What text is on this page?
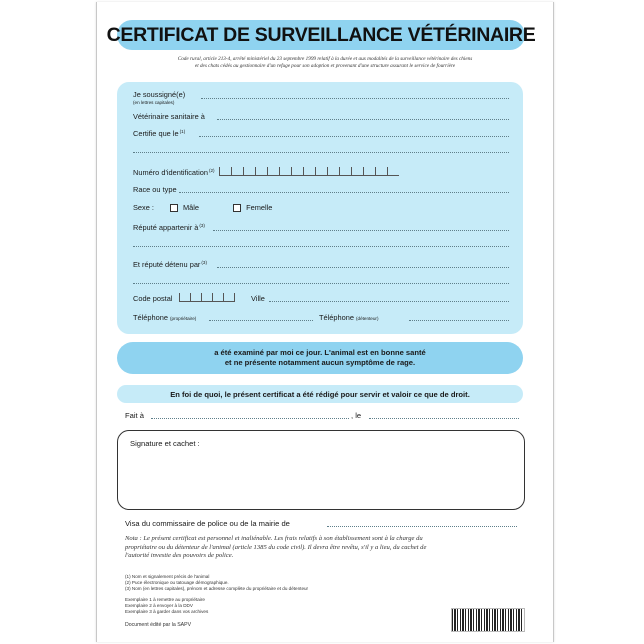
CERTIFICAT DE SURVEILLANCE VÉTÉRINAIRE
Code rural, article 213-4, arrêté ministériel du 23 septembre 1999 relatif à la durée et aux modalités de la surveillance vétérinaire des chiens
et des chats cédés au gestionnaire d'un refuge pour son adoption et provenant d'une structure assurant le service de fourrière
Je soussigné(e)
(en lettres capitales)
Vétérinaire sanitaire à
Certifie que $le^{(1)}$
Numéro d'identification$^{(2)}$
Race ou type
Sexe :	Mâle	Femelle
Réputé appartenir $à^{(3)}$
Et réputé détenu par$^{(3)}$
Code postal	Ville
Téléphone (propriétaire)	Téléphone (détenteur)
a été examiné par moi ce jour. L'animal est en bonne santé
et ne présente notamment aucun symptôme de rage.
En foi de quoi, le présent certificat a été rédigé pour servir et valoir ce que de droit.
Fait à	, le
Signature et cachet :
Visa du commissaire de police ou de la mairie de
Nota : Le présent certificat est personnel et inaliénable. Les frais relatifs à son établissement sont à la charge du
propriétaire ou du détenteur de l'animal (article 1385 du code civil). Il devra être revêtu, s'il y a lieu, du cachet de
l'autorité investie des pouvoirs de police.
(1) Nom et signalement précis de l'animal
(2) Puce électronique ou tatouage démographique.
(3) Nom (en lettres capitales), prénom et adresse complète du propriétaire et du détenteur
Exemplaire 1 à remettre au propriétaire
Exemplaire 2 à envoyer à la DDV
Exemplaire 3 à garder dans vos archives
Document édité par la SAPV
